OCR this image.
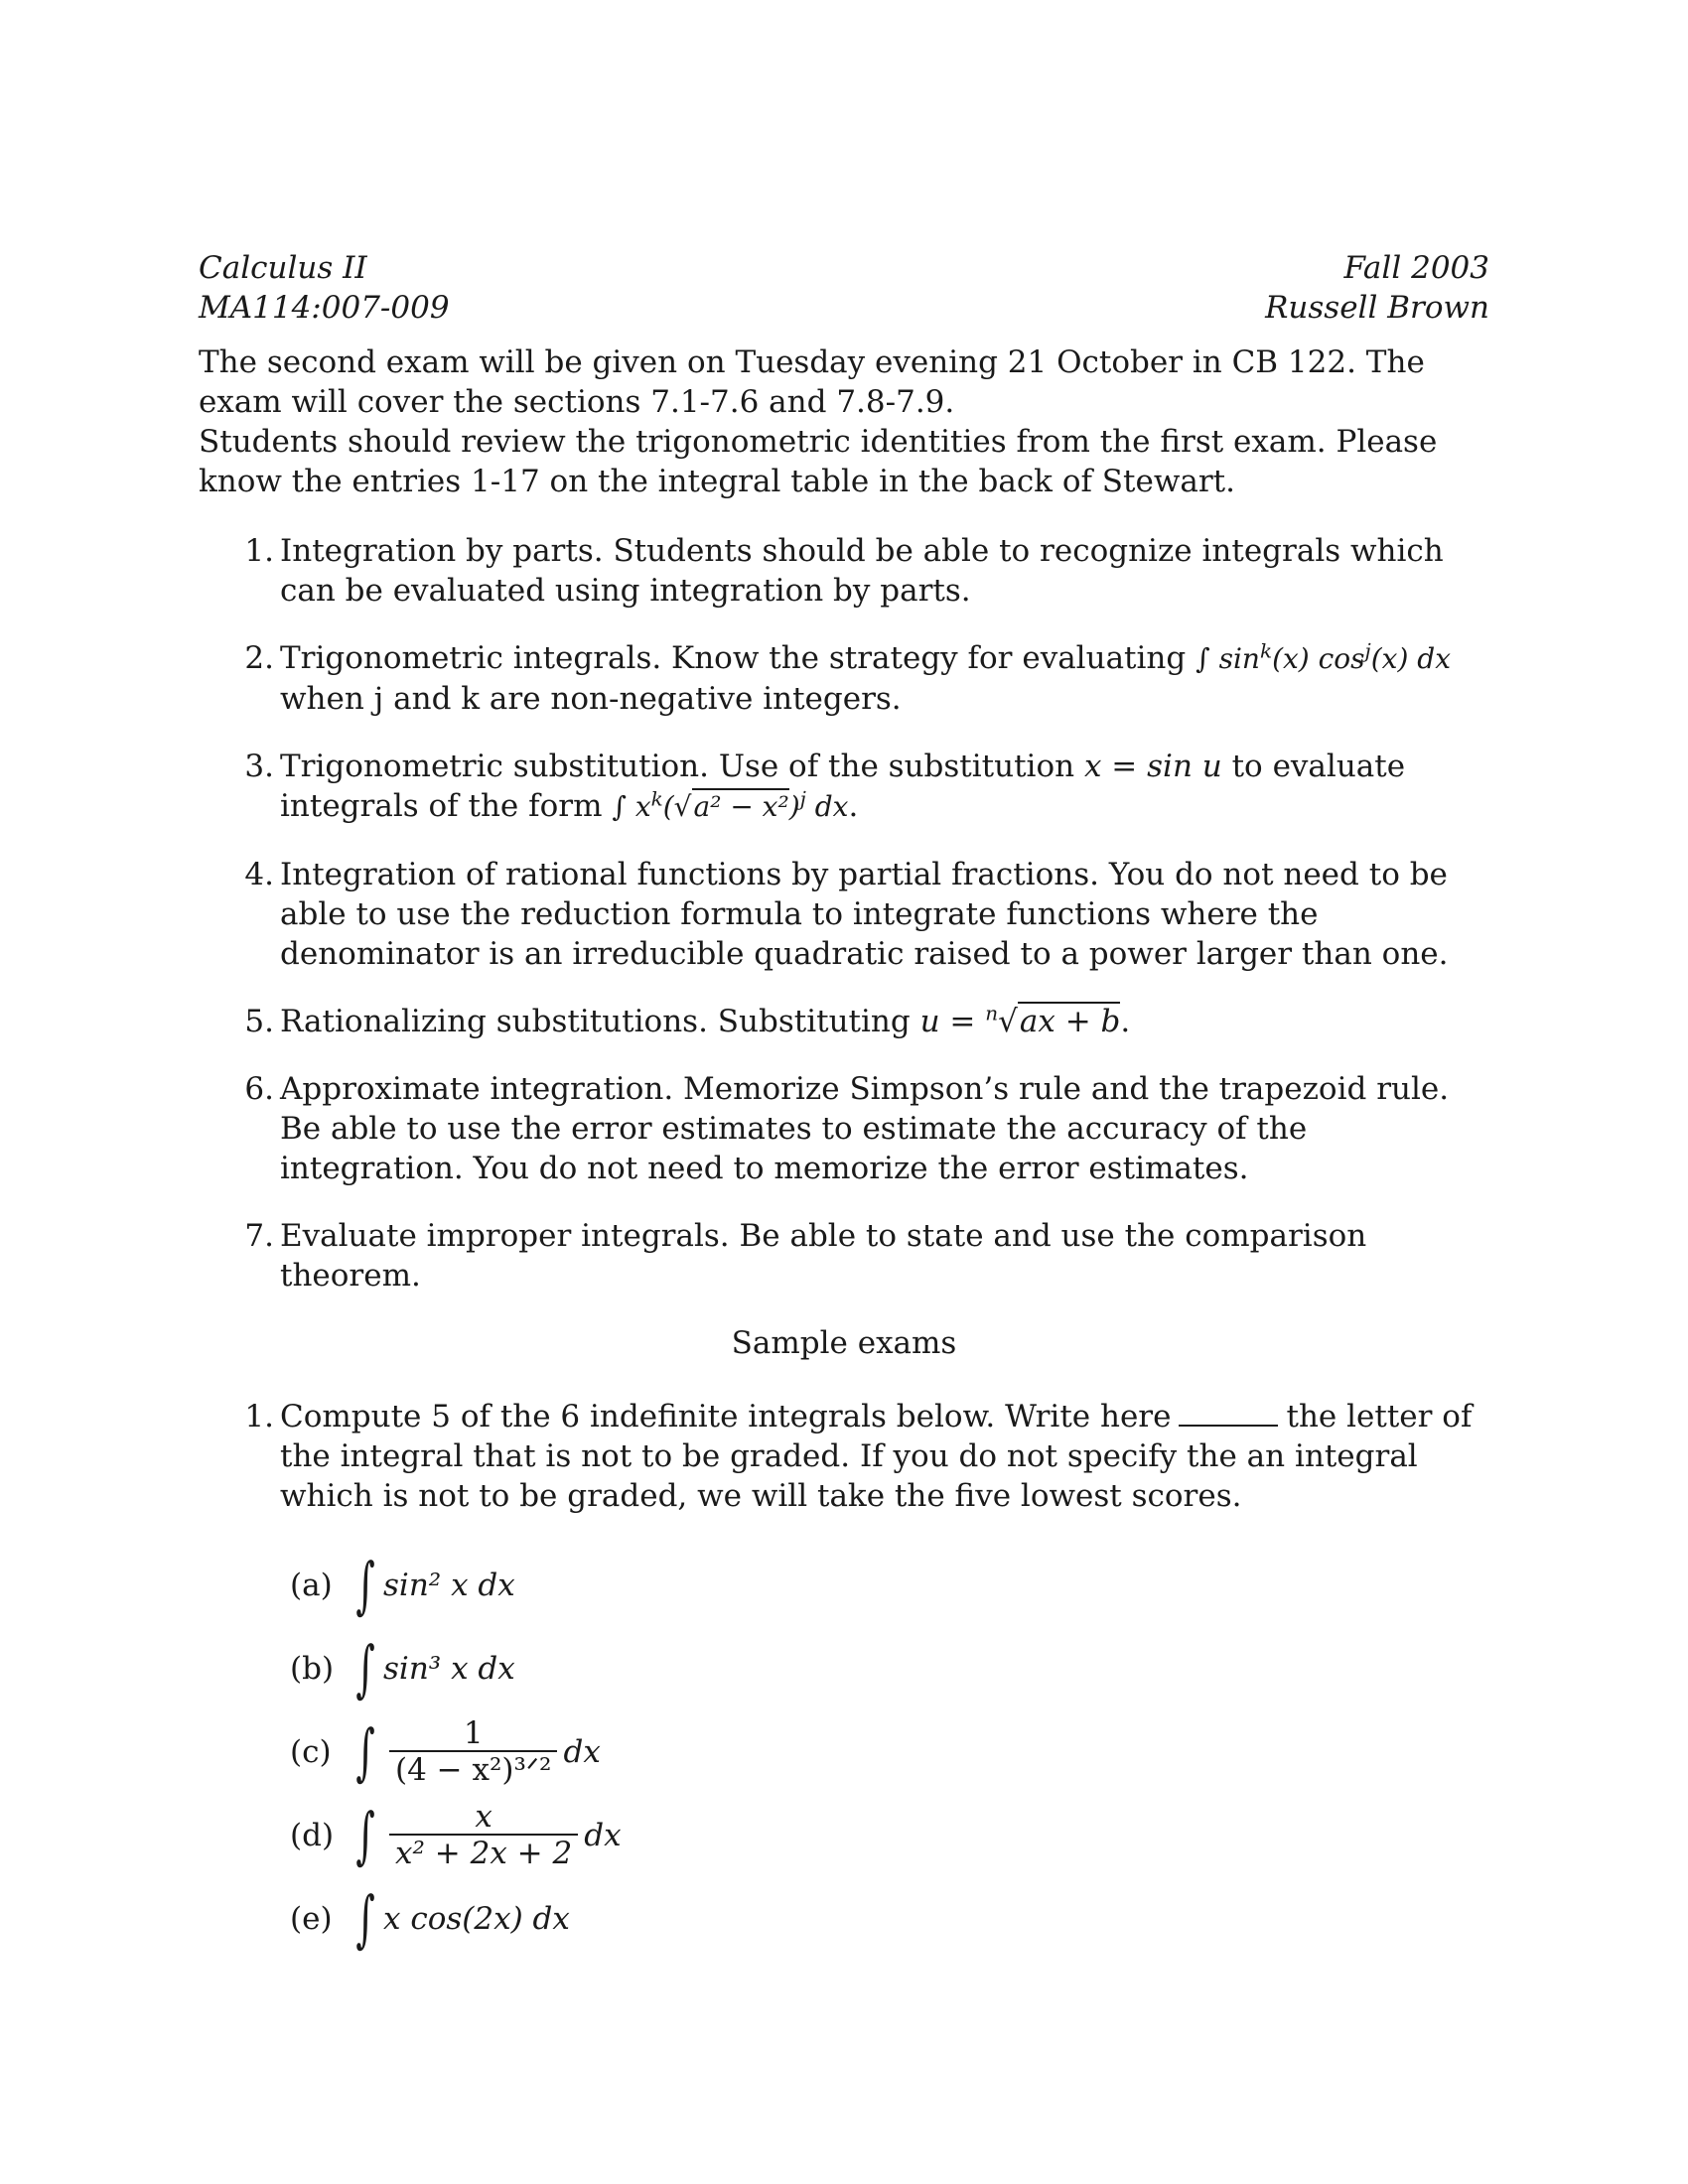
Calculus II
MA114:007-009
Fall 2003
Russell Brown

The second exam will be given on Tuesday evening 21 October in CB 122. The exam will cover the sections 7.1-7.6 and 7.8-7.9.

Students should review the trigonometric identities from the first exam. Please know the entries 1-17 on the integral table in the back of Stewart.

1. Integration by parts. Students should be able to recognize integrals which can be evaluated using integration by parts.
2. Trigonometric integrals. Know the strategy for evaluating ∫ $\sin^k(x)$ $\cos^j(x)$ dx when j and k are non-negative integers.
3. Trigonometric substitution. Use of the substitution x = sin u to evaluate integrals of the form ∫ $x^k(√a^2 - x^2)^j$ dx.
4. Integration of rational functions by partial fractions. You do not need to be able to use the reduction formula to integrate functions where the denominator is an irreducible quadratic raised to a power larger than one.
5. Rationalizing substitutions. Substituting u = $^n$√ax + b.
6. Approximate integration. Memorize Simpson’s rule and the trapezoid rule. Be able to use the error estimates to estimate the accuracy of the integration. You do not need to memorize the error estimates.
7. Evaluate improper integrals. Be able to state and use the comparison theorem.
Sample exams
1. Compute 5 of the 6 indefinite integrals below. Write here	the letter of the integral that is not to be graded. If you do not specify the an integral which is not to be graded, we will take the five lowest scores.
(a) ∫ sin² x dx
(b) ∫ sin³ x dx
(c) ∫ $\frac{1}{\text{(4 − x²)³ᐟ²}}$ dx
(d) ∫ $\frac{x}{\text{x² + 2x + 2}}$ dx
(e) ∫ x cos(2x) dx
